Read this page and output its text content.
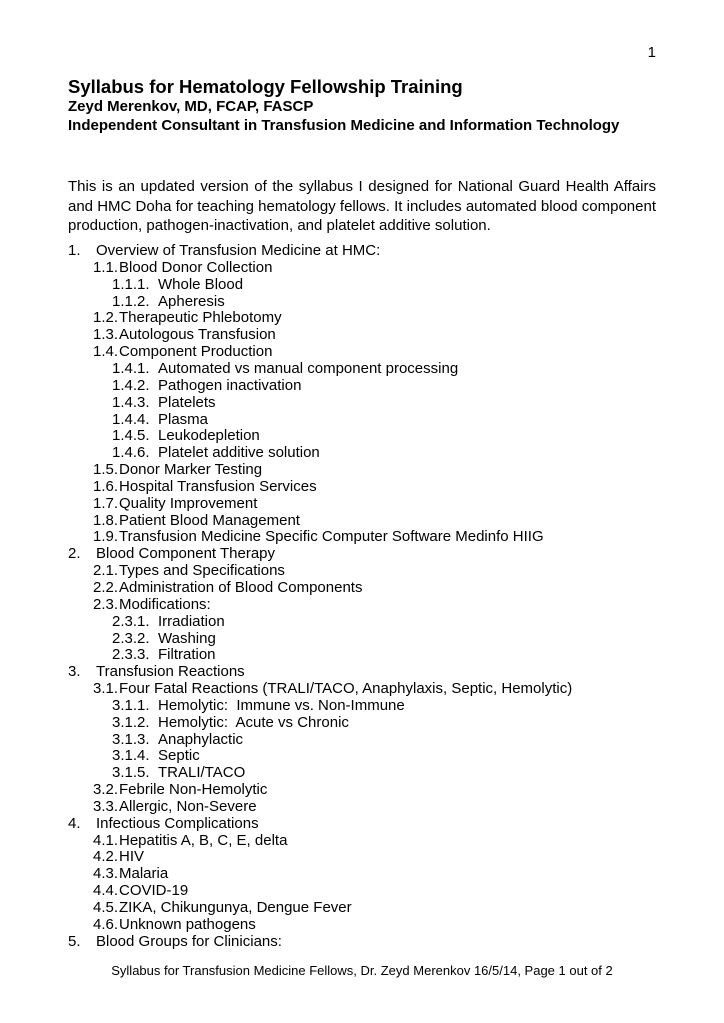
1
Syllabus for Hematology Fellowship Training
Zeyd Merenkov, MD, FCAP, FASCP
Independent Consultant in Transfusion Medicine and Information Technology

This is an updated version of the syllabus I designed for National Guard Health Affairs and HMC Doha for teaching hematology fellows. It includes automated blood component production, pathogen-inactivation, and platelet additive solution.

1.	Overview of Transfusion Medicine at HMC:
1.1. Blood Donor Collection
1.1.1. Whole Blood
1.1.2. Apheresis
1.2. Therapeutic Phlebotomy
1.3. Autologous Transfusion
1.4. Component Production
1.4.1. Automated vs manual component processing
1.4.2. Pathogen inactivation
1.4.3. Platelets
1.4.4. Plasma
1.4.5. Leukodepletion
1.4.6. Platelet additive solution
1.5. Donor Marker Testing
1.6. Hospital Transfusion Services
1.7. Quality Improvement
1.8. Patient Blood Management
1.9. Transfusion Medicine Specific Computer Software Medinfo HIIG
2.	Blood Component Therapy
2.1. Types and Specifications
2.2. Administration of Blood Components
2.3. Modifications:
2.3.1. Irradiation
2.3.2. Washing
2.3.3. Filtration
3.	Transfusion Reactions
3.1. Four Fatal Reactions (TRALI/TACO, Anaphylaxis, Septic, Hemolytic)
3.1.1. Hemolytic:  Immune vs. Non-Immune
3.1.2. Hemolytic:  Acute vs Chronic
3.1.3. Anaphylactic
3.1.4. Septic
3.1.5. TRALI/TACO
3.2. Febrile Non-Hemolytic
3.3. Allergic, Non-Severe
4.	Infectious Complications
4.1. Hepatitis A, B, C, E, delta
4.2. HIV
4.3. Malaria
4.4. COVID-19
4.5. ZIKA, Chikungunya, Dengue Fever
4.6. Unknown pathogens
5.	Blood Groups for Clinicians:
Syllabus for Transfusion Medicine Fellows, Dr. Zeyd Merenkov 16/5/14, Page 1 out of 2
